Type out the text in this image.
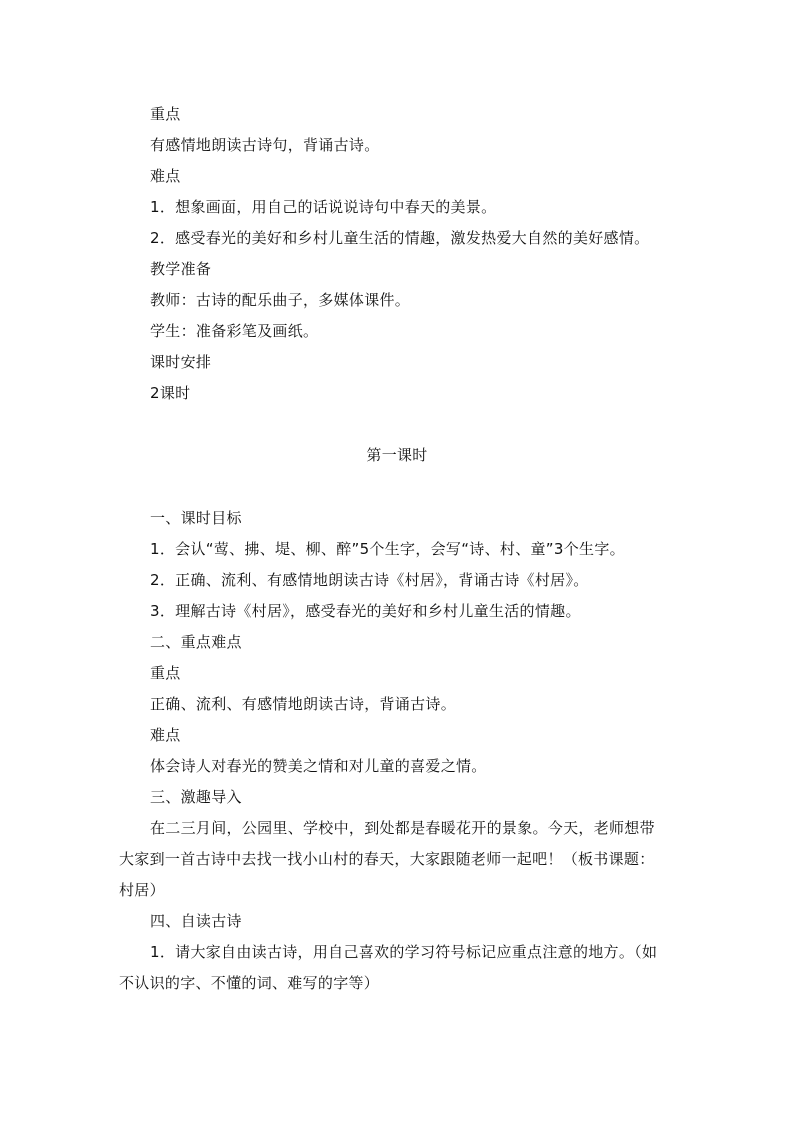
重点
有感情地朗读古诗句，背诵古诗。
难点
1．想象画面，用自己的话说说诗句中春天的美景。
2．感受春光的美好和乡村儿童生活的情趣，激发热爱大自然的美好感情。
教学准备
教师：古诗的配乐曲子，多媒体课件。
学生：准备彩笔及画纸。
课时安排
2课时
第一课时
一、课时目标
1．会认“莺、拂、堤、柳、醉”5个生字，会写“诗、村、童”3个生字。
2．正确、流利、有感情地朗读古诗《村居》，背诵古诗《村居》。
3．理解古诗《村居》，感受春光的美好和乡村儿童生活的情趣。
二、重点难点
重点
正确、流利、有感情地朗读古诗，背诵古诗。
难点
体会诗人对春光的赞美之情和对儿童的喜爱之情。
三、激趣导入
在二三月间，公园里、学校中，到处都是春暖花开的景象。今天，老师想带
大家到一首古诗中去找一找小山村的春天，大家跟随老师一起吧！（板书课题：
村居）
四、自读古诗
1．请大家自由读古诗，用自己喜欢的学习符号标记应重点注意的地方。（如
不认识的字、不懂的词、难写的字等）
